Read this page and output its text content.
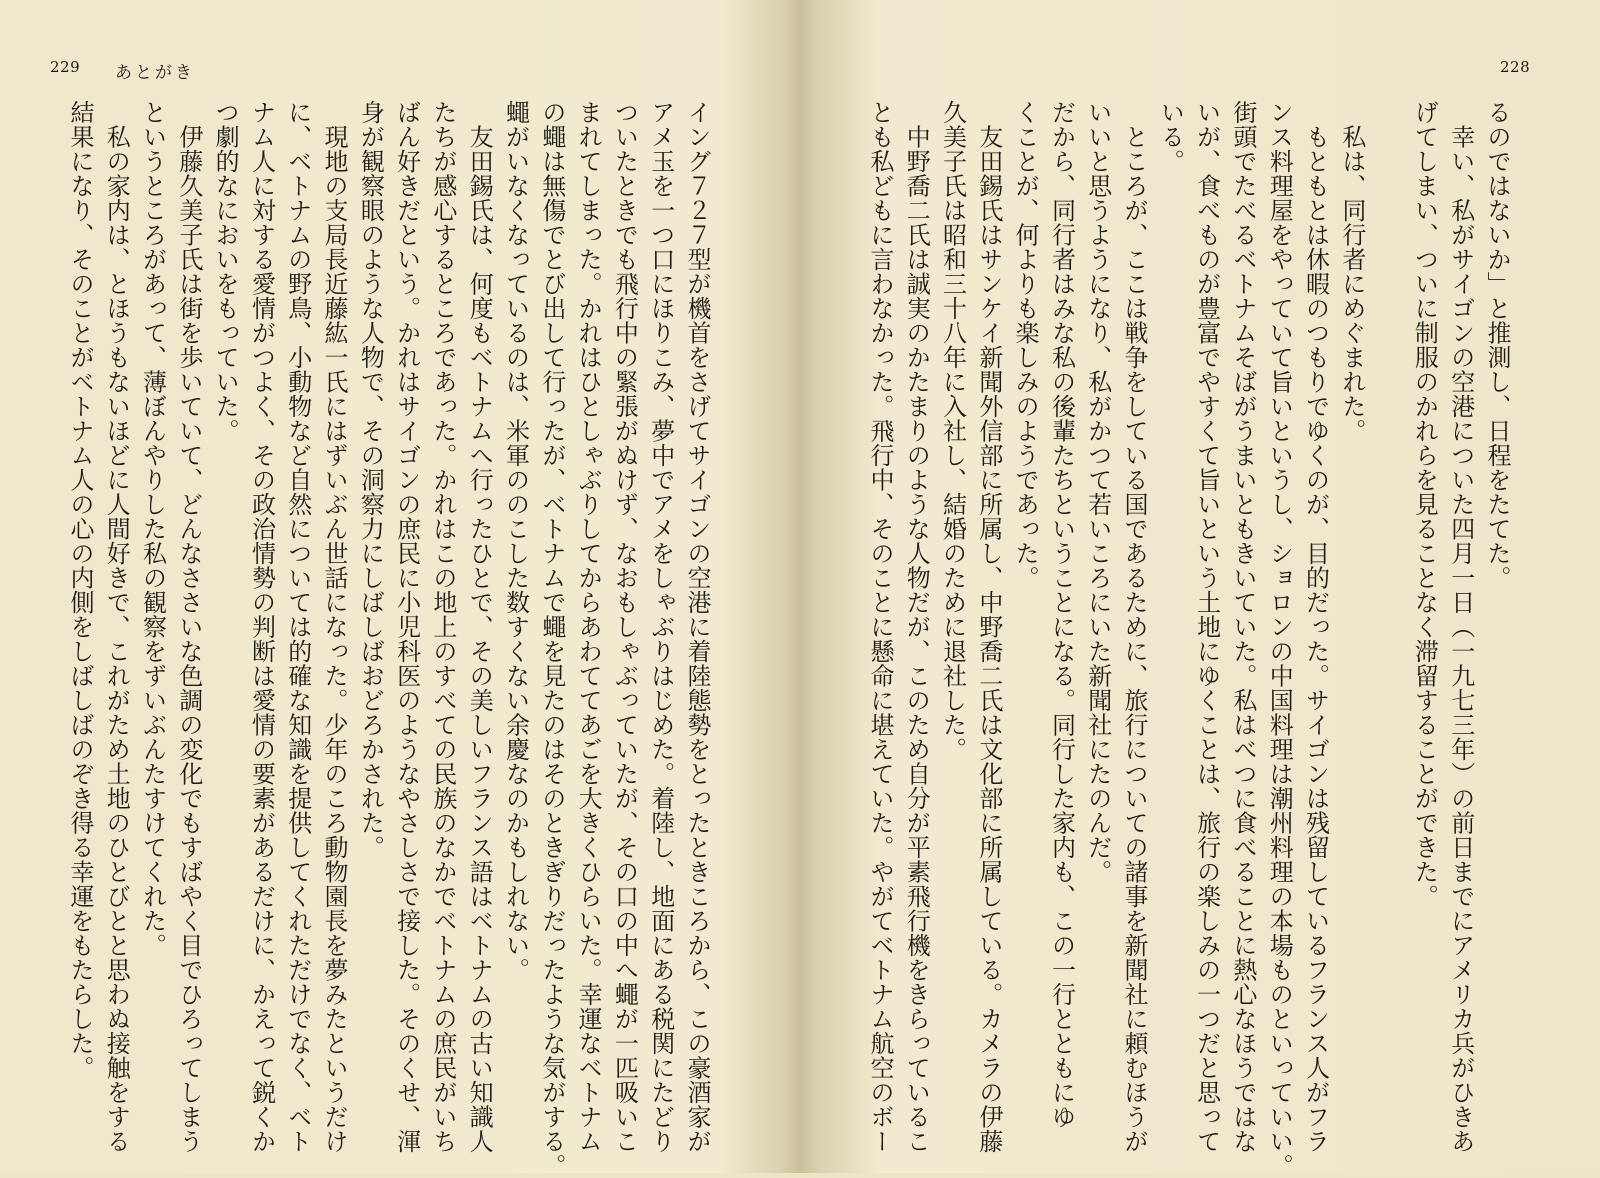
229 あとがき
イング７２７型が機首をさげてサイゴンの空港に着陸態勢をとったときころから、この豪酒家が
アメ玉を一つ口にほりこみ、夢中でアメをしゃぶりはじめた。着陸し、地面にある税関にたどり
ついたときでも飛行中の緊張がぬけず、なおもしゃぶっていたが、その口の中へ蠅が一匹吸いこ
まれてしまった。かれはひとしゃぶりしてからあわててあごを大きくひらいた。幸運なベトナム
の蠅は無傷でとび出して行ったが、ベトナムで蠅を見たのはそのときぎりだったような気がする。
蠅がいなくなっているのは、米軍ののこした数すくない余慶なのかもしれない。
　友田錫氏は、何度もベトナムへ行ったひとで、その美しいフランス語はベトナムの古い知識人
たちが感心するところであった。かれはこの地上のすべての民族のなかでベトナムの庶民がいち
ばん好きだという。かれはサイゴンの庶民に小児科医のようなやさしさで接した。そのくせ、渾
身が観察眼のような人物で、その洞察力にしばしばおどろかされた。
　現地の支局長近藤紘一氏にはずいぶん世話になった。少年のころ動物園長を夢みたというだけ
に、ベトナムの野鳥、小動物など自然については的確な知識を提供してくれただけでなく、ベト
ナム人に対する愛情がつよく、その政治情勢の判断は愛情の要素があるだけに、かえって鋭くか
つ劇的なにおいをもっていた。
　伊藤久美子氏は街を歩いていて、どんなささいな色調の変化でもすばやく目でひろってしまう
というところがあって、薄ぼんやりした私の観察をずいぶんたすけてくれた。
　私の家内は、とほうもないほどに人間好きで、これがため土地のひとびとと思わぬ接触をする
結果になり、そのことがベトナム人の心の内側をしばしばのぞき得る幸運をもたらした。
228
るのではないか」と推測し、日程をたてた。
　幸い、私がサイゴンの空港についた四月一日（一九七三年）の前日までにアメリカ兵がひきあ
げてしまい、ついに制服のかれらを見ることなく滞留することができた。

　私は、同行者にめぐまれた。
　もともとは休暇のつもりでゆくのが、目的だった。サイゴンは残留しているフランス人がフラ
ンス料理屋をやっていて旨いというし、ショロンの中国料理は潮州料理の本場ものといっていい。
街頭でたべるベトナムそばがうまいともきいていた。私はべつに食べることに熱心なほうではな
いが、食べものが豊富でやすくて旨いという土地にゆくことは、旅行の楽しみの一つだと思って
いる。
　ところが、ここは戦争をしている国であるために、旅行についての諸事を新聞社に頼むほうが
いいと思うようになり、私がかつて若いころにいた新聞社にたのんだ。
だから、同行者はみな私の後輩たちということになる。同行した家内も、この一行とともにゆ
くことが、何よりも楽しみのようであった。
　友田錫氏はサンケイ新聞外信部に所属し、中野喬二氏は文化部に所属している。カメラの伊藤
久美子氏は昭和三十八年に入社し、結婚のために退社した。
　中野喬二氏は誠実のかたまりのような人物だが、このため自分が平素飛行機をきらっているこ
とも私どもに言わなかった。飛行中、そのことに懸命に堪えていた。やがてベトナム航空のボー
